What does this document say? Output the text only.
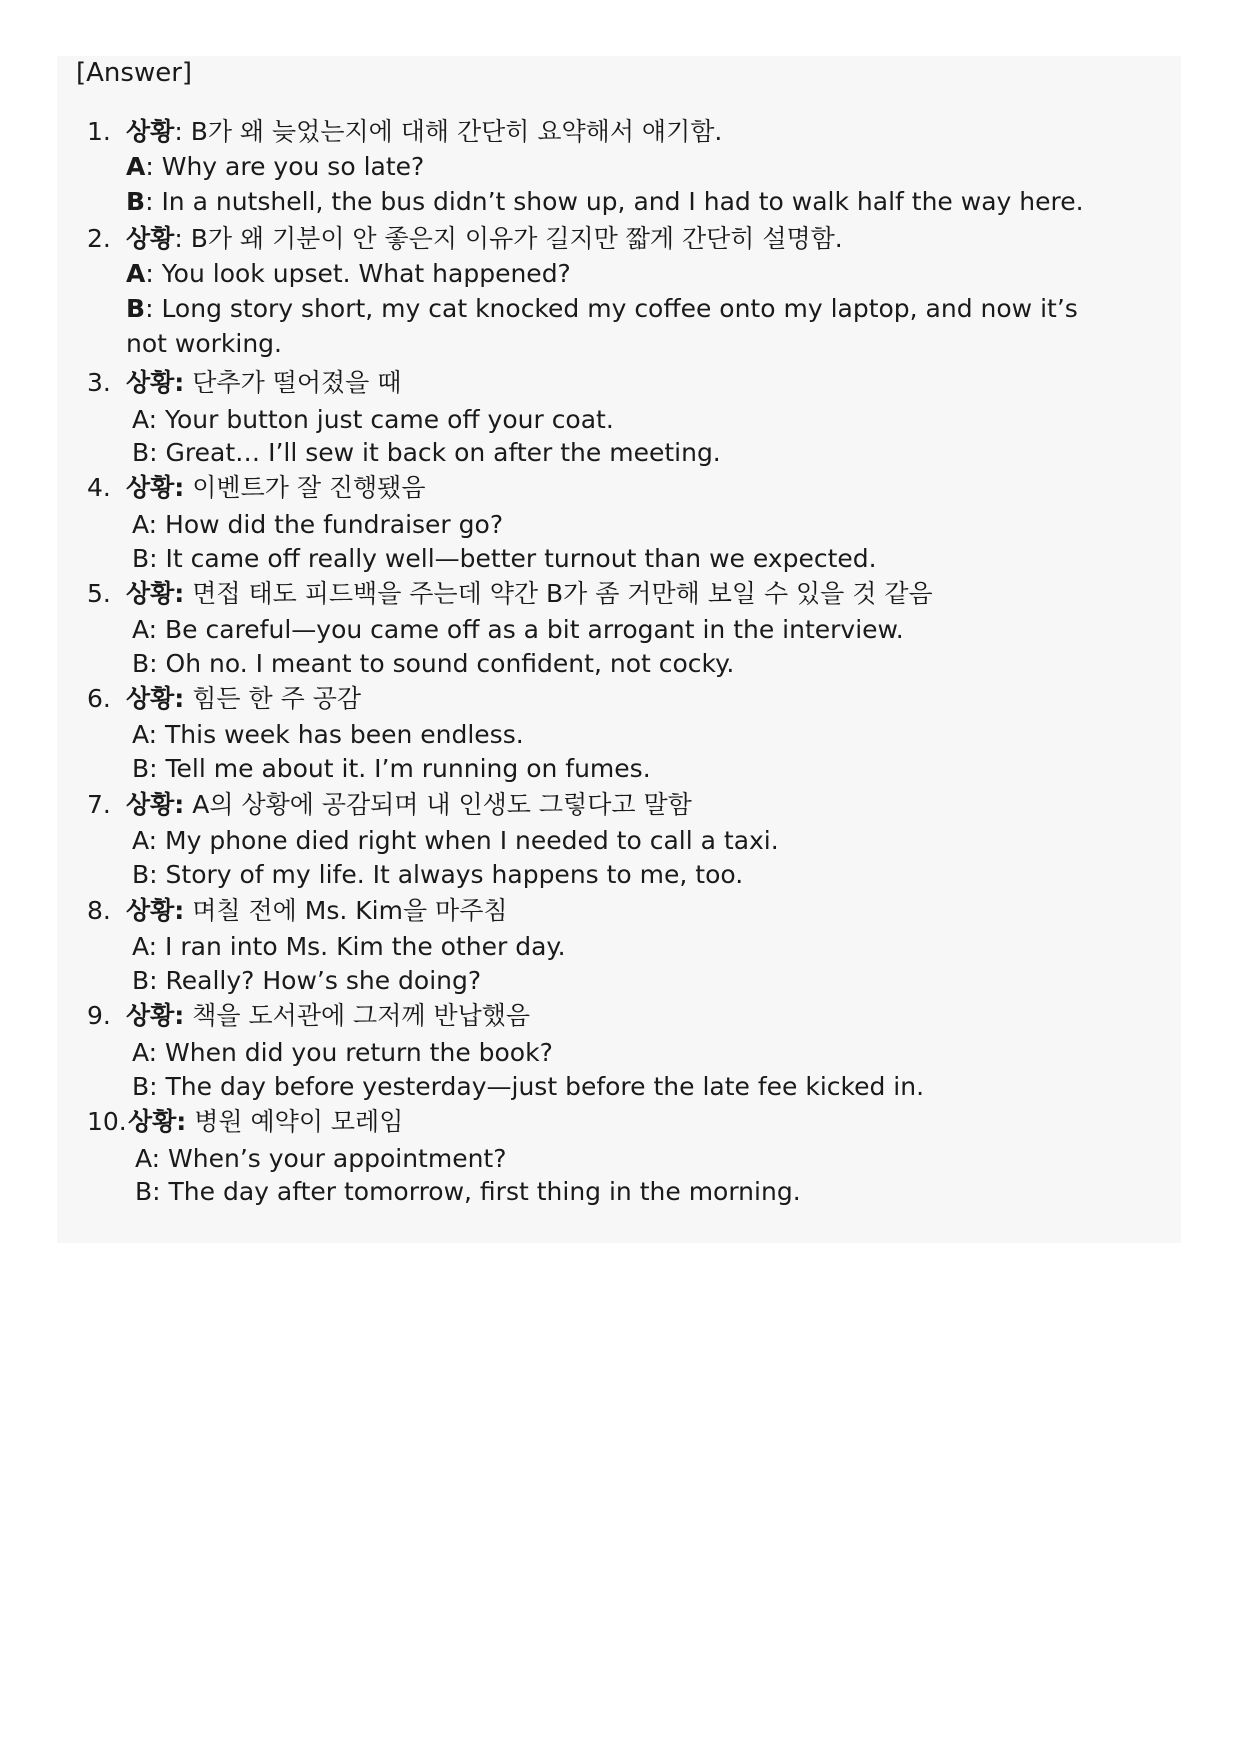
[Answer]
1. 상황: B가 왜 늦었는지에 대해 간단히 요약해서 얘기함.
A: Why are you so late?
B: In a nutshell, the bus didn’t show up, and I had to walk half the way here.
2. 상황: B가 왜 기분이 안 좋은지 이유가 길지만 짧게 간단히 설명함.
A: You look upset. What happened?
B: Long story short, my cat knocked my coffee onto my laptop, and now it’s not working.
3. 상황: 단추가 떨어졌을 때
A: Your button just came off your coat.
B: Great… I’ll sew it back on after the meeting.
4. 상황: 이벤트가 잘 진행됐음
A: How did the fundraiser go?
B: It came off really well—better turnout than we expected.
5. 상황: 면접 태도 피드백을 주는데 약간 B가 좀 거만해 보일 수 있을 것 같음
A: Be careful—you came off as a bit arrogant in the interview.
B: Oh no. I meant to sound confident, not cocky.
6. 상황: 힘든 한 주 공감
A: This week has been endless.
B: Tell me about it. I’m running on fumes.
7. 상황: A의 상황에 공감되며 내 인생도 그렇다고 말함
A: My phone died right when I needed to call a taxi.
B: Story of my life. It always happens to me, too.
8. 상황: 며칠 전에 Ms. Kim을 마주침
A: I ran into Ms. Kim the other day.
B: Really? How’s she doing?
9. 상황: 책을 도서관에 그저께 반납했음
A: When did you return the book?
B: The day before yesterday—just before the late fee kicked in.
10. 상황: 병원 예약이 모레임
A: When’s your appointment?
B: The day after tomorrow, first thing in the morning.
